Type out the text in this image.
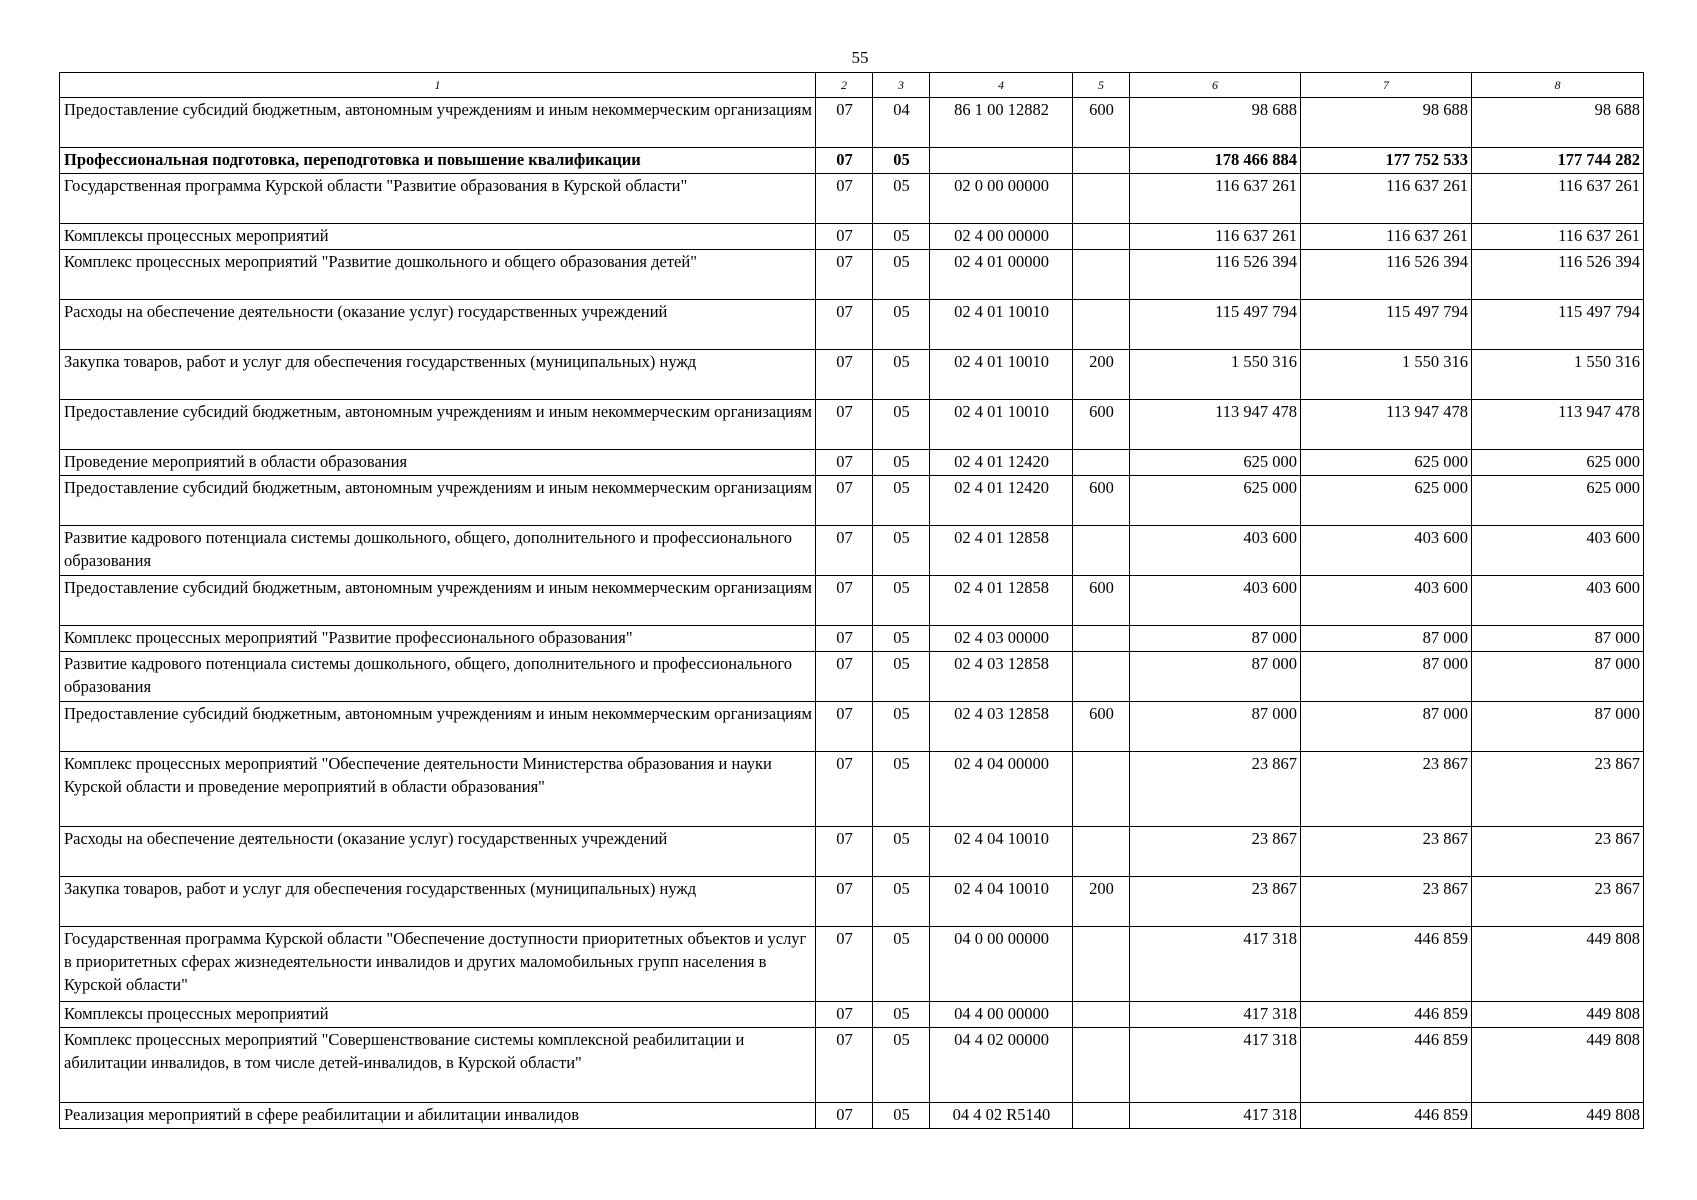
55
1	2	3	4	5	6	7	8
Предоставление субсидий бюджетным, автономным учреждениям и иным некоммерческим организациям	07	04	86 1 00 12882	600	98 688	98 688	98 688
Профессиональная подготовка, переподготовка и повышение квалификации	07	05			178 466 884	177 752 533	177 744 282
Государственная программа Курской области "Развитие образования в Курской области"	07	05	02 0 00 00000		116 637 261	116 637 261	116 637 261
Комплексы процессных мероприятий	07	05	02 4 00 00000		116 637 261	116 637 261	116 637 261
Комплекс процессных мероприятий "Развитие дошкольного и общего образования детей"	07	05	02 4 01 00000		116 526 394	116 526 394	116 526 394
Расходы на обеспечение деятельности (оказание услуг) государственных учреждений	07	05	02 4 01 10010		115 497 794	115 497 794	115 497 794
Закупка товаров, работ и услуг для обеспечения государственных (муниципальных) нужд	07	05	02 4 01 10010	200	1 550 316	1 550 316	1 550 316
Предоставление субсидий бюджетным, автономным учреждениям и иным некоммерческим организациям	07	05	02 4 01 10010	600	113 947 478	113 947 478	113 947 478
Проведение мероприятий в области образования	07	05	02 4 01 12420		625 000	625 000	625 000
Предоставление субсидий бюджетным, автономным учреждениям и иным некоммерческим организациям	07	05	02 4 01 12420	600	625 000	625 000	625 000
Развитие кадрового потенциала системы дошкольного, общего, дополнительного и профессионального образования	07	05	02 4 01 12858		403 600	403 600	403 600
Предоставление субсидий бюджетным, автономным учреждениям и иным некоммерческим организациям	07	05	02 4 01 12858	600	403 600	403 600	403 600
Комплекс процессных мероприятий "Развитие профессионального образования"	07	05	02 4 03 00000		87 000	87 000	87 000
Развитие кадрового потенциала системы дошкольного, общего, дополнительного и профессионального образования	07	05	02 4 03 12858		87 000	87 000	87 000
Предоставление субсидий бюджетным, автономным учреждениям и иным некоммерческим организациям	07	05	02 4 03 12858	600	87 000	87 000	87 000
Комплекс процессных мероприятий "Обеспечение деятельности Министерства образования и науки Курской области и проведение мероприятий в области образования"	07	05	02 4 04 00000		23 867	23 867	23 867
Расходы на обеспечение деятельности (оказание услуг) государственных учреждений	07	05	02 4 04 10010		23 867	23 867	23 867
Закупка товаров, работ и услуг для обеспечения государственных (муниципальных) нужд	07	05	02 4 04 10010	200	23 867	23 867	23 867
Государственная программа Курской области "Обеспечение доступности приоритетных объектов и услуг в приоритетных сферах жизнедеятельности инвалидов и других маломобильных групп населения в Курской области"	07	05	04 0 00 00000		417 318	446 859	449 808
Комплексы процессных мероприятий	07	05	04 4 00 00000		417 318	446 859	449 808
Комплекс процессных мероприятий "Совершенствование системы комплексной реабилитации и абилитации инвалидов, в том числе детей-инвалидов, в Курской области"	07	05	04 4 02 00000		417 318	446 859	449 808
Реализация мероприятий в сфере реабилитации и абилитации инвалидов	07	05	04 4 02 R5140		417 318	446 859	449 808
